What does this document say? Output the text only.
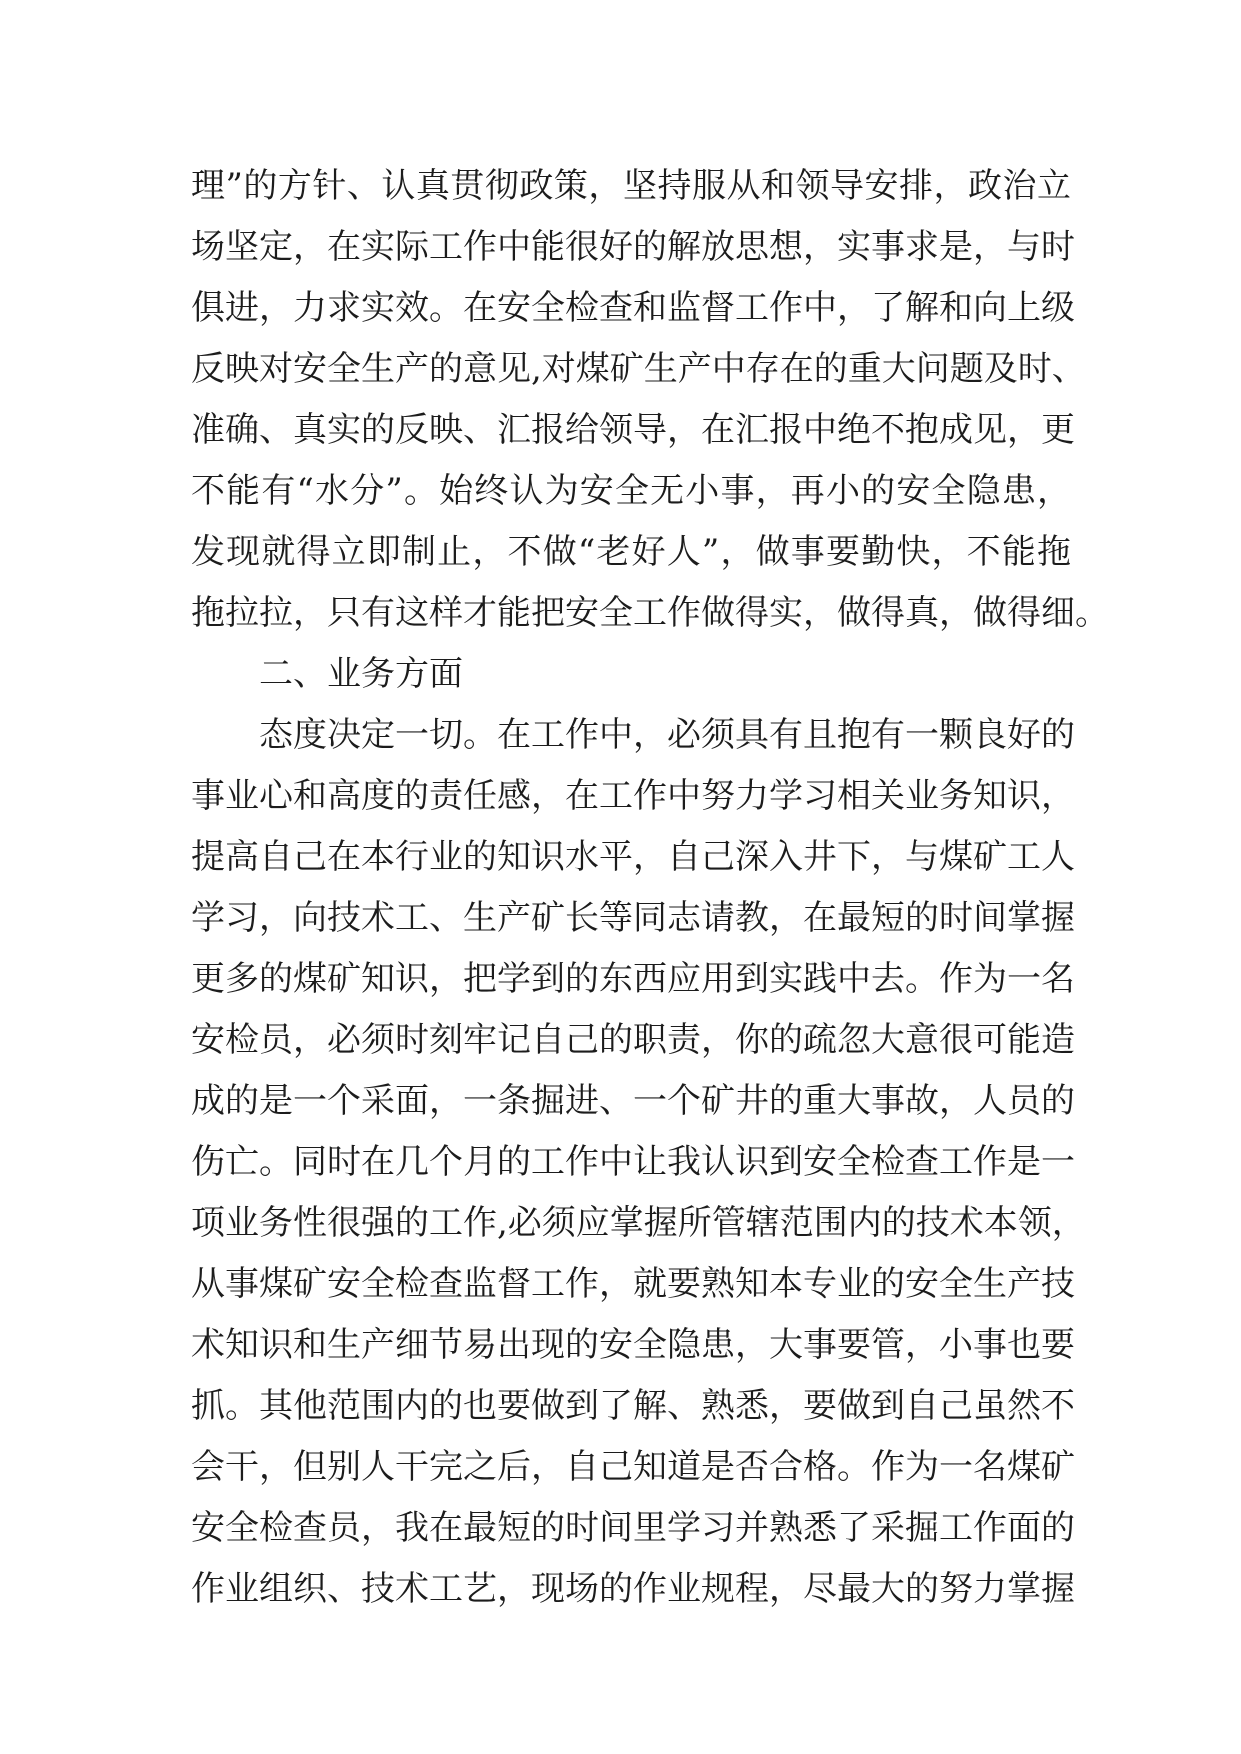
理”的方针、认真贯彻政策，坚持服从和领导安排，政治立
场坚定，在实际工作中能很好的解放思想，实事求是，与时
俱进，力求实效。在安全检查和监督工作中，了解和向上级
反映对安全生产的意见,对煤矿生产中存在的重大问题及时、
准确、真实的反映、汇报给领导，在汇报中绝不抱成见，更
不能有“水分”。始终认为安全无小事，再小的安全隐患，
发现就得立即制止，不做“老好人”，做事要勤快，不能拖
拖拉拉，只有这样才能把安全工作做得实，做得真，做得细。
二、业务方面
态度决定一切。在工作中，必须具有且抱有一颗良好的
事业心和高度的责任感，在工作中努力学习相关业务知识，
提高自己在本行业的知识水平，自己深入井下，与煤矿工人
学习，向技术工、生产矿长等同志请教，在最短的时间掌握
更多的煤矿知识，把学到的东西应用到实践中去。作为一名
安检员，必须时刻牢记自己的职责，你的疏忽大意很可能造
成的是一个采面，一条掘进、一个矿井的重大事故，人员的
伤亡。同时在几个月的工作中让我认识到安全检查工作是一
项业务性很强的工作,必须应掌握所管辖范围内的技术本领，
从事煤矿安全检查监督工作，就要熟知本专业的安全生产技
术知识和生产细节易出现的安全隐患，大事要管，小事也要
抓。其他范围内的也要做到了解、熟悉，要做到自己虽然不
会干，但别人干完之后，自己知道是否合格。作为一名煤矿
安全检查员，我在最短的时间里学习并熟悉了采掘工作面的
作业组织、技术工艺，现场的作业规程，尽最大的努力掌握
